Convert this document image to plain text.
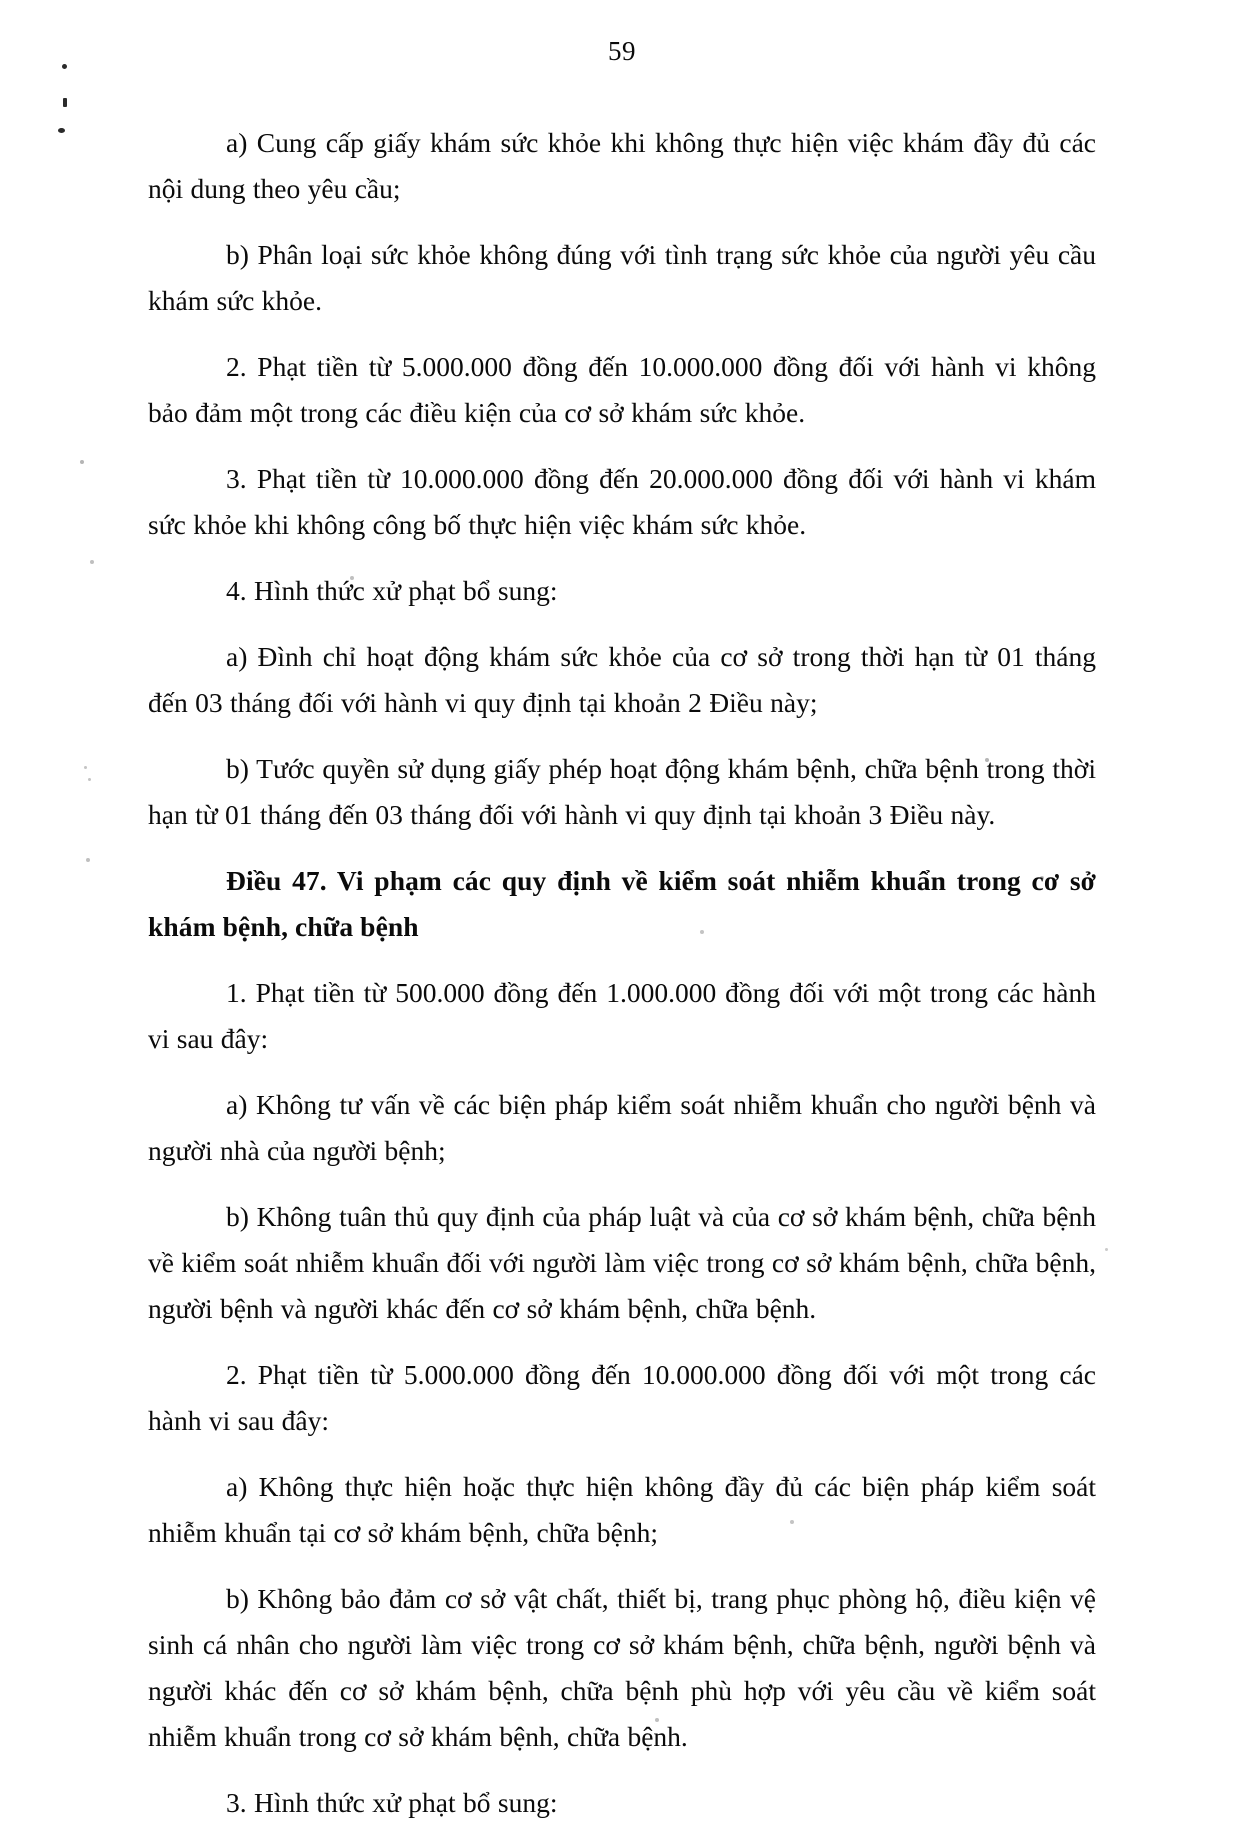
59

a) Cung cấp giấy khám sức khỏe khi không thực hiện việc khám đầy đủ các nội dung theo yêu cầu;

b) Phân loại sức khỏe không đúng với tình trạng sức khỏe của người yêu cầu khám sức khỏe.

2. Phạt tiền từ 5.000.000 đồng đến 10.000.000 đồng đối với hành vi không bảo đảm một trong các điều kiện của cơ sở khám sức khỏe.

3. Phạt tiền từ 10.000.000 đồng đến 20.000.000 đồng đối với hành vi khám sức khỏe khi không công bố thực hiện việc khám sức khỏe.

4. Hình thức xử phạt bổ sung:

a) Đình chỉ hoạt động khám sức khỏe của cơ sở trong thời hạn từ 01 tháng đến 03 tháng đối với hành vi quy định tại khoản 2 Điều này;

b) Tước quyền sử dụng giấy phép hoạt động khám bệnh, chữa bệnh trong thời hạn từ 01 tháng đến 03 tháng đối với hành vi quy định tại khoản 3 Điều này.

Điều 47. Vi phạm các quy định về kiểm soát nhiễm khuẩn trong cơ sở khám bệnh, chữa bệnh

1. Phạt tiền từ 500.000 đồng đến 1.000.000 đồng đối với một trong các hành vi sau đây:

a) Không tư vấn về các biện pháp kiểm soát nhiễm khuẩn cho người bệnh và người nhà của người bệnh;

b) Không tuân thủ quy định của pháp luật và của cơ sở khám bệnh, chữa bệnh về kiểm soát nhiễm khuẩn đối với người làm việc trong cơ sở khám bệnh, chữa bệnh, người bệnh và người khác đến cơ sở khám bệnh, chữa bệnh.

2. Phạt tiền từ 5.000.000 đồng đến 10.000.000 đồng đối với một trong các hành vi sau đây:

a) Không thực hiện hoặc thực hiện không đầy đủ các biện pháp kiểm soát nhiễm khuẩn tại cơ sở khám bệnh, chữa bệnh;

b) Không bảo đảm cơ sở vật chất, thiết bị, trang phục phòng hộ, điều kiện vệ sinh cá nhân cho người làm việc trong cơ sở khám bệnh, chữa bệnh, người bệnh và người khác đến cơ sở khám bệnh, chữa bệnh phù hợp với yêu cầu về kiểm soát nhiễm khuẩn trong cơ sở khám bệnh, chữa bệnh.

3. Hình thức xử phạt bổ sung:
